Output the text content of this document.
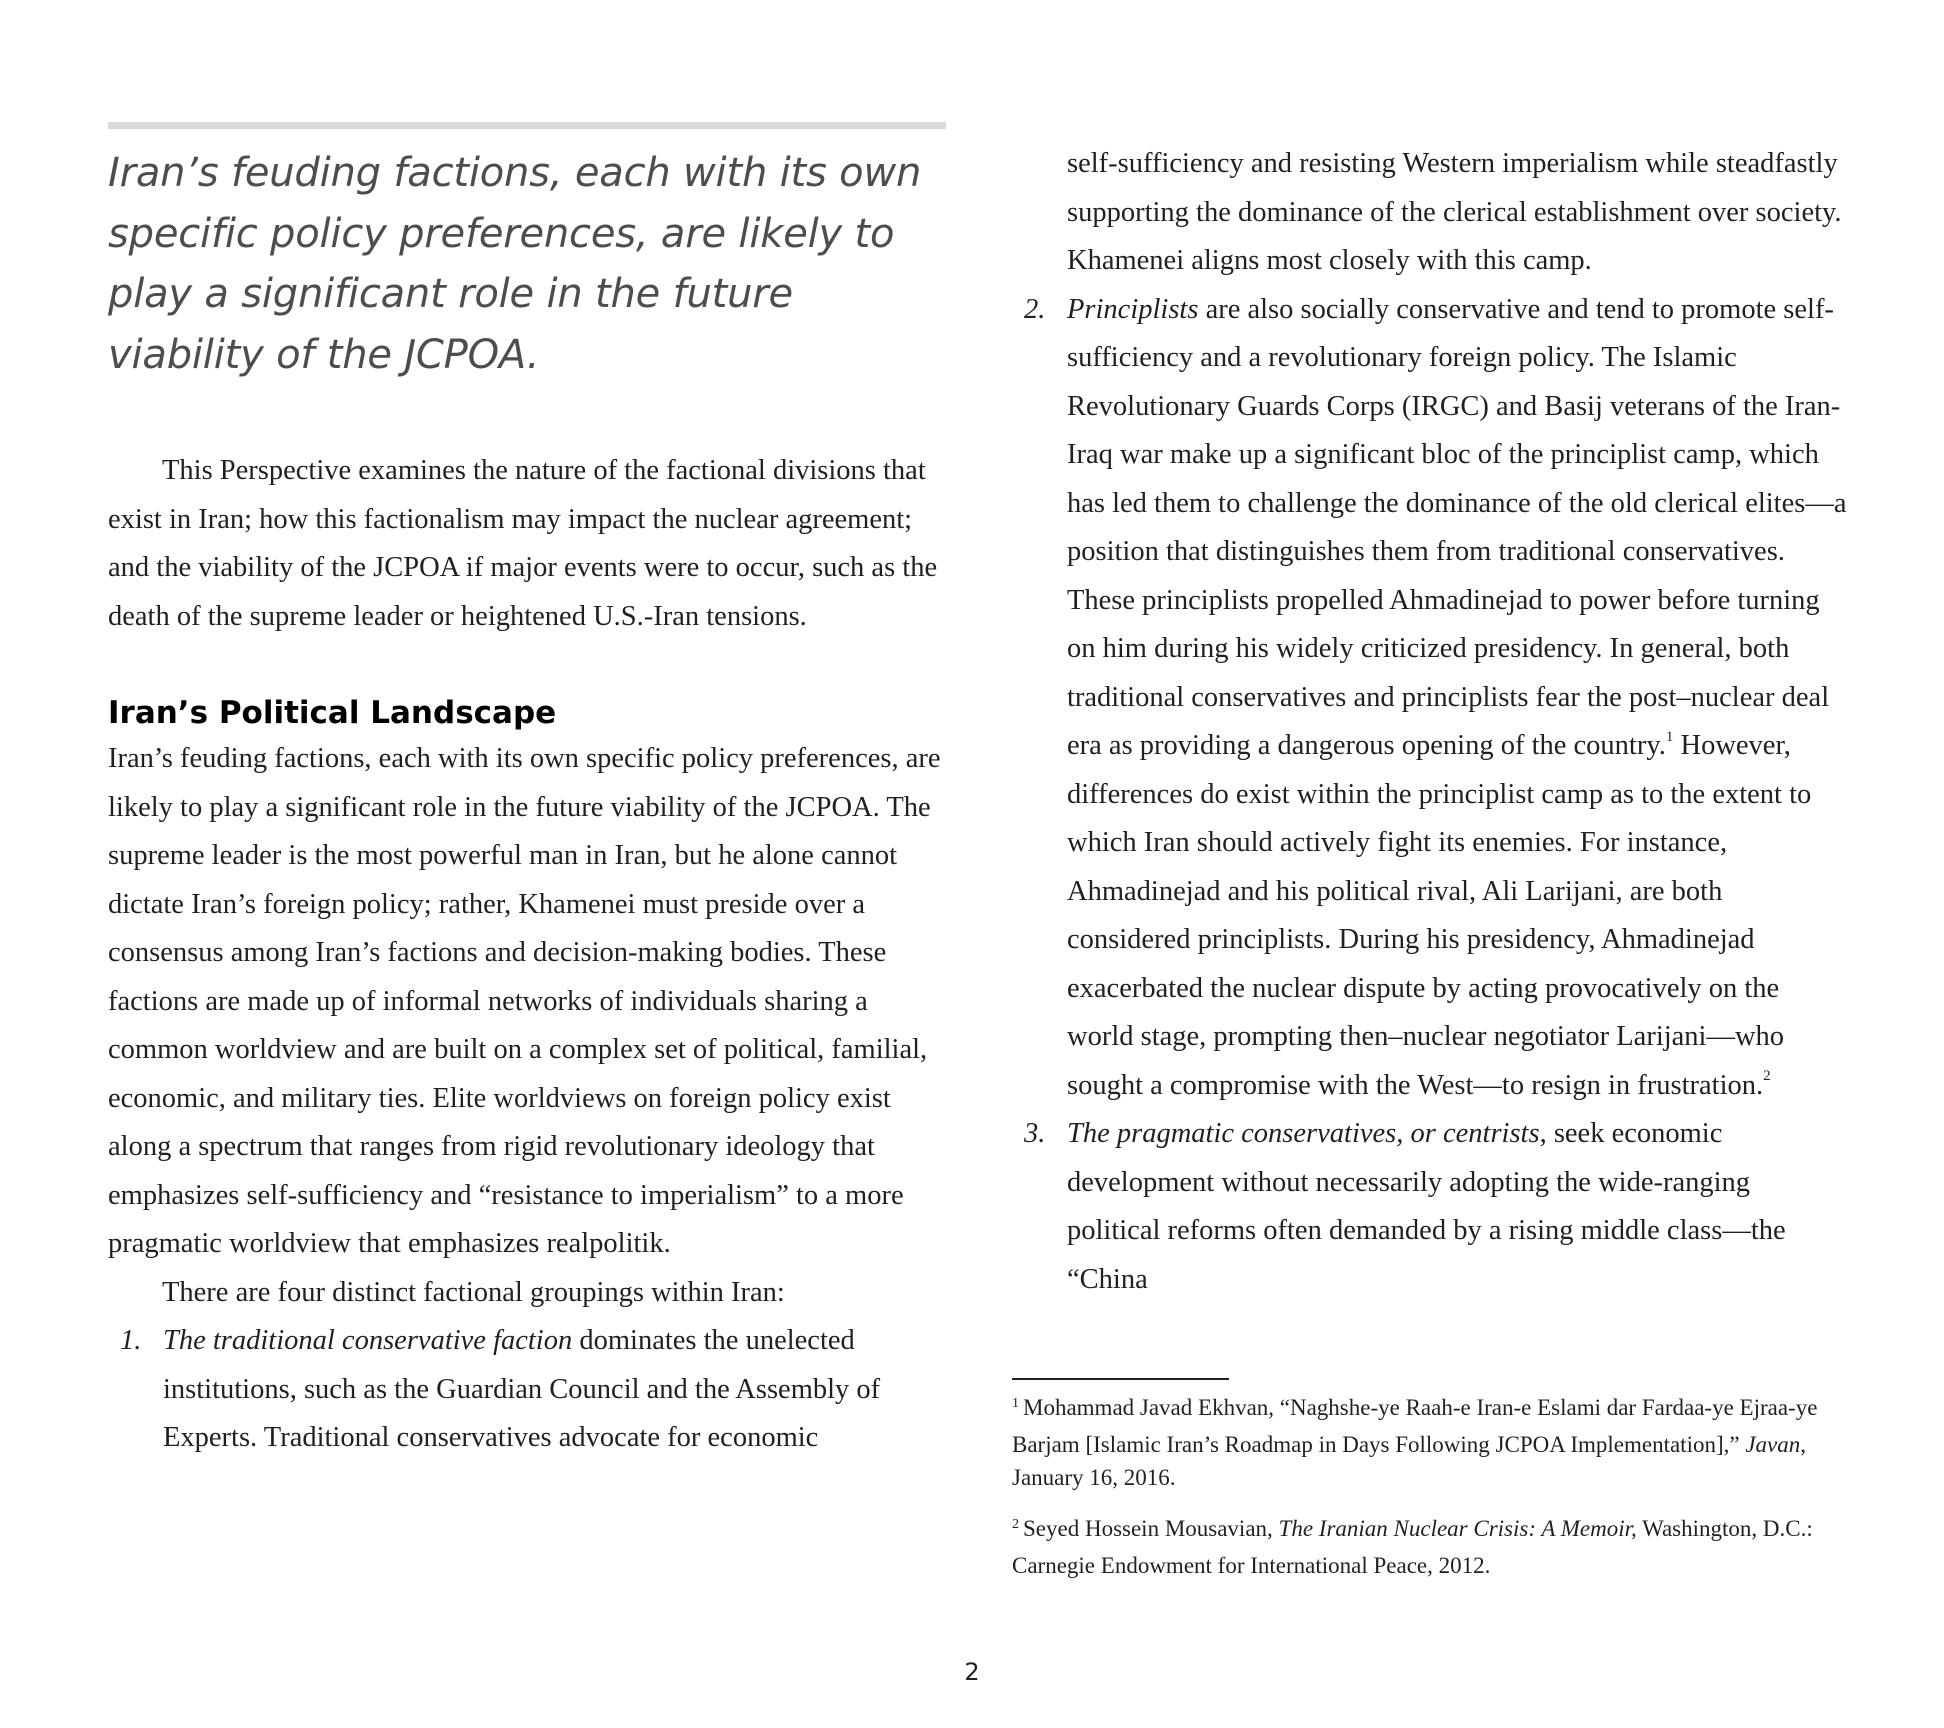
Iran’s feuding factions, each with its own specific policy preferences, are likely to play a significant role in the future viability of the JCPOA.

This Perspective examines the nature of the factional divisions that exist in Iran; how this factionalism may impact the nuclear agreement; and the viability of the JCPOA if major events were to occur, such as the death of the supreme leader or heightened U.S.-Iran tensions.

Iran’s Political Landscape

Iran’s feuding factions, each with its own specific policy preferences, are likely to play a significant role in the future viability of the JCPOA. The supreme leader is the most powerful man in Iran, but he alone cannot dictate Iran’s foreign policy; rather, Khamenei must preside over a consensus among Iran’s factions and decision-making bodies. These factions are made up of informal networks of individuals sharing a common worldview and are built on a complex set of political, familial, economic, and military ties. Elite worldviews on foreign policy exist along a spectrum that ranges from rigid revolutionary ideology that emphasizes self-sufficiency and “resistance to imperialism” to a more pragmatic worldview that emphasizes realpolitik.

There are four distinct factional groupings within Iran:

1. The traditional conservative faction dominates the unelected institutions, such as the Guardian Council and the Assembly of Experts. Traditional conservatives advocate for economic
self-sufficiency and resisting Western imperialism while steadfastly supporting the dominance of the clerical establishment over society. Khamenei aligns most closely with this camp.
2. Principlists are also socially conservative and tend to promote self-sufficiency and a revolutionary foreign policy. The Islamic Revolutionary Guards Corps (IRGC) and Basij veterans of the Iran-Iraq war make up a significant bloc of the principlist camp, which has led them to challenge the dominance of the old clerical elites—a position that distinguishes them from traditional conservatives. These principlists propelled Ahmadinejad to power before turning on him during his widely criticized presidency. In general, both traditional conservatives and principlists fear the post–nuclear deal era as providing a dangerous opening of the country.$^1$ However, differences do exist within the principlist camp as to the extent to which Iran should actively fight its enemies. For instance, Ahmadinejad and his political rival, Ali Larijani, are both considered principlists. During his presidency, Ahmadinejad exacerbated the nuclear dispute by acting provocatively on the world stage, prompting then–nuclear negotiator Larijani—who sought a compromise with the West—to resign in frustration.$^2$
3. The pragmatic conservatives, or centrists, seek economic development without necessarily adopting the wide-ranging political reforms often demanded by a rising middle class—the “China

$^1$ Mohammad Javad Ekhvan, “Naghshe-ye Raah-e Iran-e Eslami dar Fardaa-ye Ejraa-ye Barjam [Islamic Iran’s Roadmap in Days Following JCPOA Implementation],” Javan, January 16, 2016.

$^2$ Seyed Hossein Mousavian, The Iranian Nuclear Crisis: A Memoir, Washington, D.C.: Carnegie Endowment for International Peace, 2012.

2
